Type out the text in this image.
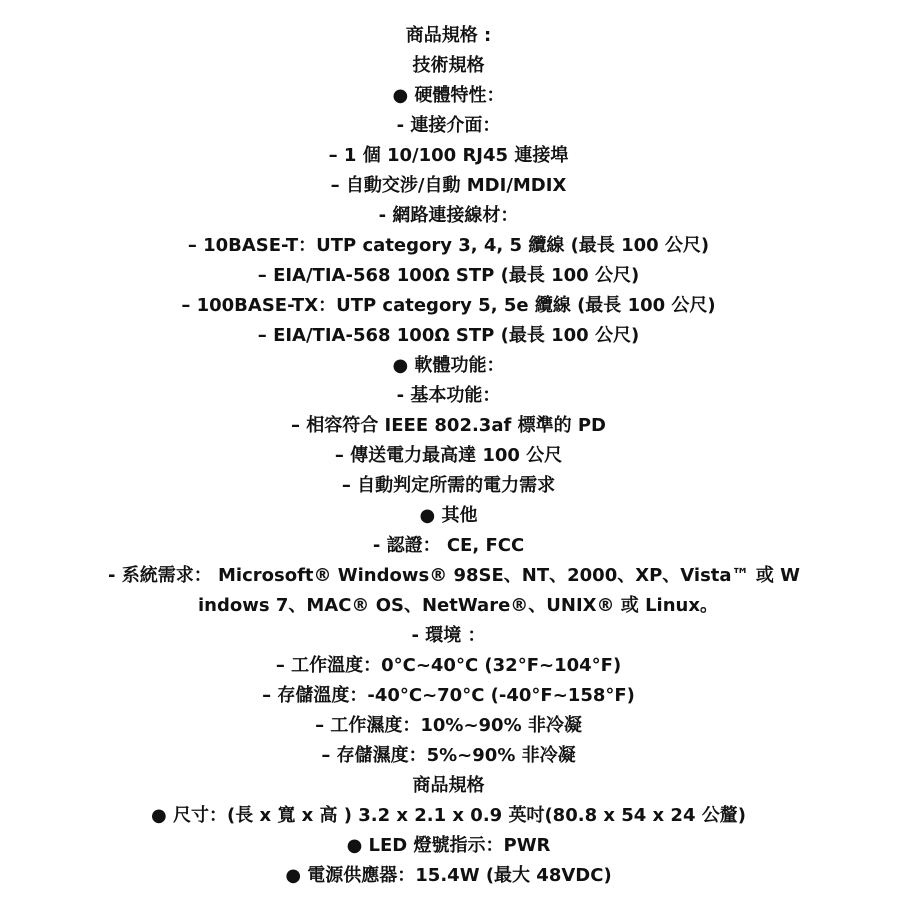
商品規格 :
技術規格
● 硬體特性：
- 連接介面：
– 1 個 10/100 RJ45 連接埠
– 自動交涉/自動 MDI/MDIX
- 網路連接線材：
– 10BASE-T：UTP category 3, 4, 5 纜線 (最長 100 公尺)
– EIA/TIA-568 100Ω STP (最長 100 公尺)
– 100BASE-TX：UTP category 5, 5e 纜線 (最長 100 公尺)
– EIA/TIA-568 100Ω STP (最長 100 公尺)
● 軟體功能：
- 基本功能：
– 相容符合 IEEE 802.3af 標準的 PD
– 傳送電力最高達 100 公尺
– 自動判定所需的電力需求
● 其他
- 認證： CE, FCC
- 系統需求： Microsoft® Windows® 98SE、NT、2000、XP、Vista™ 或 W
indows 7、MAC® OS、NetWare®、UNIX® 或 Linux。
- 環境 ：
– 工作溫度：0°C~40°C (32°F~104°F)
– 存儲溫度：-40°C~70°C (-40°F~158°F)
– 工作濕度：10%~90% 非冷凝
– 存儲濕度：5%~90% 非冷凝
商品規格
● 尺寸：(長 x 寬 x 高 ) 3.2 x 2.1 x 0.9 英吋(80.8 x 54 x 24 公釐)
● LED 燈號指示：PWR
● 電源供應器：15.4W (最大 48VDC)
